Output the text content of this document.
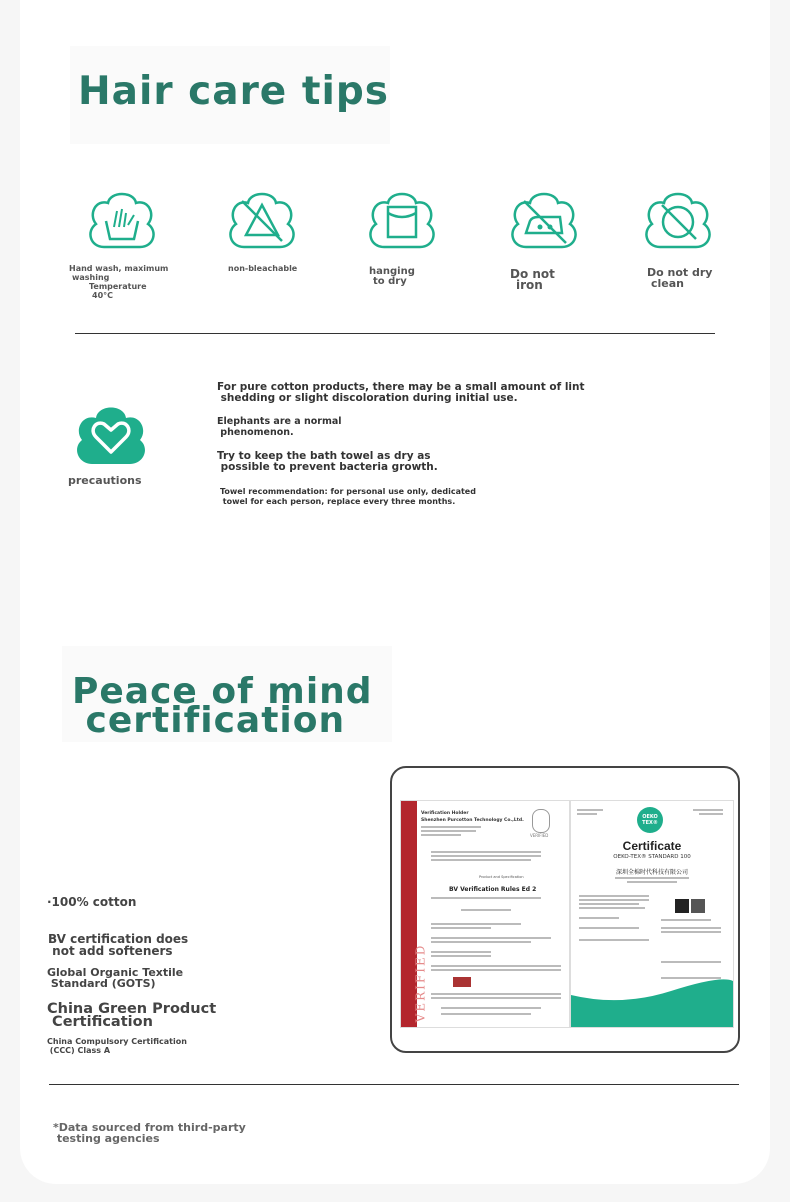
Hair care tips
Hand wash, maximum
washing
Temperature
40°C
non-bleachable	hanging
to dry
Do not
iron
Do not dry
clean
precautions
For pure cotton products, there may be a small amount of lint
shedding or slight discoloration during initial use.
Elephants are a normal
phenomenon.
Try to keep the bath towel as dry as
possible to prevent bacteria growth.
Towel recommendation: for personal use only, dedicated
towel for each person, replace every three months.
Peace of mind
certification
·100% cotton
BV certification does
not add softeners
Global Organic Textile
Standard (GOTS)
China Green Product
Certification
China Compulsory Certification
(CCC) Class A
VERIFIED
Verification Holder
Shenzhen Purcotton Technology Co.,Ltd.
VERIFIED
Product and Specification
BV Verification Rules Ed 2
OEKO
TEX®
Certificate
OEKO-TEX® STANDARD 100
深圳全棉时代科技有限公司
*Data sourced from third-party
testing agencies
